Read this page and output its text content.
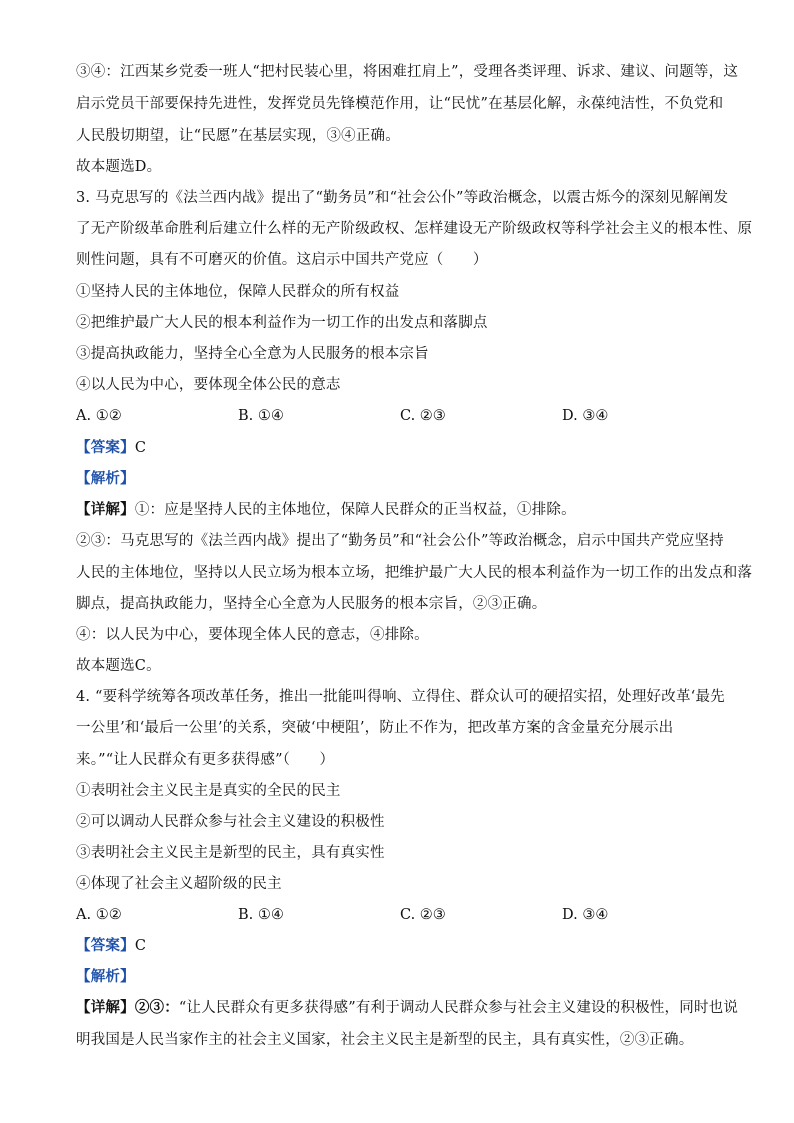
③④：江西某乡党委一班人“把村民装心里，将困难扛肩上”，受理各类评理、诉求、建议、问题等，这
启示党员干部要保持先进性，发挥党员先锋模范作用，让“民忧”在基层化解，永葆纯洁性，不负党和
人民殷切期望，让“民愿”在基层实现，③④正确。
故本题选D。
3. 马克思写的《法兰西内战》提出了“勤务员”和“社会公仆”等政治概念，以震古烁今的深刻见解阐发
了无产阶级革命胜利后建立什么样的无产阶级政权、怎样建设无产阶级政权等科学社会主义的根本性、原
则性问题，具有不可磨灭的价值。这启示中国共产党应（　　）
①坚持人民的主体地位，保障人民群众的所有权益
②把维护最广大人民的根本利益作为一切工作的出发点和落脚点
③提高执政能力，坚持全心全意为人民服务的根本宗旨
④以人民为中心，要体现全体公民的意志
A. ①②	B. ①④	C. ②③	D. ③④
【答案】C
【解析】
【详解】①：应是坚持人民的主体地位，保障人民群众的正当权益，①排除。
②③：马克思写的《法兰西内战》提出了“勤务员”和“社会公仆”等政治概念，启示中国共产党应坚持
人民的主体地位，坚持以人民立场为根本立场，把维护最广大人民的根本利益作为一切工作的出发点和落
脚点，提高执政能力，坚持全心全意为人民服务的根本宗旨，②③正确。
④：以人民为中心，要体现全体人民的意志，④排除。
故本题选C。
4. “要科学统筹各项改革任务，推出一批能叫得响、立得住、群众认可的硬招实招，处理好改革‘最先
一公里’和‘最后一公里’的关系，突破‘中梗阻’，防止不作为，把改革方案的含金量充分展示出
来。”“让人民群众有更多获得感”（　　）
①表明社会主义民主是真实的全民的民主
②可以调动人民群众参与社会主义建设的积极性
③表明社会主义民主是新型的民主，具有真实性
④体现了社会主义超阶级的民主
A. ①②	B. ①④	C. ②③	D. ③④
【答案】C
【解析】
【详解】②③：“让人民群众有更多获得感”有利于调动人民群众参与社会主义建设的积极性，同时也说
明我国是人民当家作主的社会主义国家，社会主义民主是新型的民主，具有真实性，②③正确。
